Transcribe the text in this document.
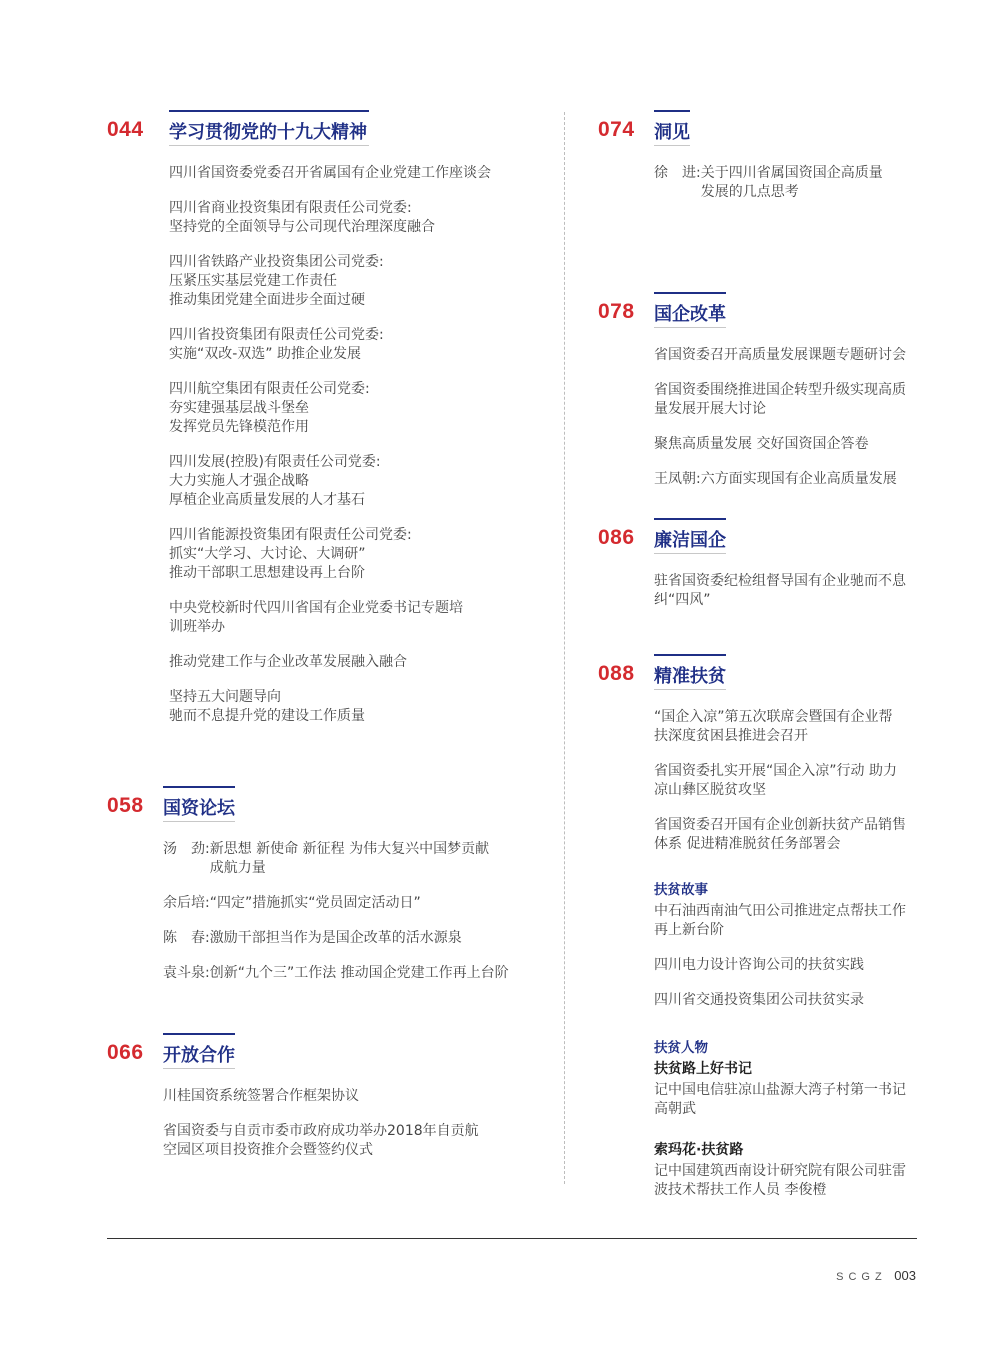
044 学习贯彻党的十九大精神
四川省国资委党委召开省属国有企业党建工作座谈会
四川省商业投资集团有限责任公司党委:
坚持党的全面领导与公司现代治理深度融合
四川省铁路产业投资集团公司党委:
压紧压实基层党建工作责任
推动集团党建全面进步全面过硬
四川省投资集团有限责任公司党委:
实施“双改-双选” 助推企业发展
四川航空集团有限责任公司党委:
夯实建强基层战斗堡垒
发挥党员先锋模范作用
四川发展(控股)有限责任公司党委:
大力实施人才强企战略
厚植企业高质量发展的人才基石
四川省能源投资集团有限责任公司党委:
抓实“大学习、大讨论、大调研”
推动干部职工思想建设再上台阶
中央党校新时代四川省国有企业党委书记专题培
训班举办
推动党建工作与企业改革发展融入融合
坚持五大问题导向
驰而不息提升党的建设工作质量
058 国资论坛
汤　劲: 新思想 新使命 新征程 为伟大复兴中国梦贡献
成航力量
余后培: “四定”措施抓实“党员固定活动日”
陈　春: 激励干部担当作为是国企改革的活水源泉
袁斗泉: 创新“九个三”工作法 推动国企党建工作再上台阶
066 开放合作
川桂国资系统签署合作框架协议
省国资委与自贡市委市政府成功举办2018年自贡航
空园区项目投资推介会暨签约仪式
074 洞见
徐　进: 关于四川省属国资国企高质量
发展的几点思考
078 国企改革
省国资委召开高质量发展课题专题研讨会
省国资委围绕推进国企转型升级实现高质
量发展开展大讨论
聚焦高质量发展 交好国资国企答卷
王凤朝:六方面实现国有企业高质量发展
086 廉洁国企
驻省国资委纪检组督导国有企业驰而不息
纠“四风”
088 精准扶贫
“国企入凉”第五次联席会暨国有企业帮
扶深度贫困县推进会召开
省国资委扎实开展“国企入凉”行动 助力
凉山彝区脱贫攻坚
省国资委召开国有企业创新扶贫产品销售
体系 促进精准脱贫任务部署会
扶贫故事
中石油西南油气田公司推进定点帮扶工作
再上新台阶
四川电力设计咨询公司的扶贫实践
四川省交通投资集团公司扶贫实录
扶贫人物
扶贫路上好书记
记中国电信驻凉山盐源大湾子村第一书记
高朝武
索玛花·扶贫路
记中国建筑西南设计研究院有限公司驻雷
波技术帮扶工作人员 李俊橙
SCGZ 003
